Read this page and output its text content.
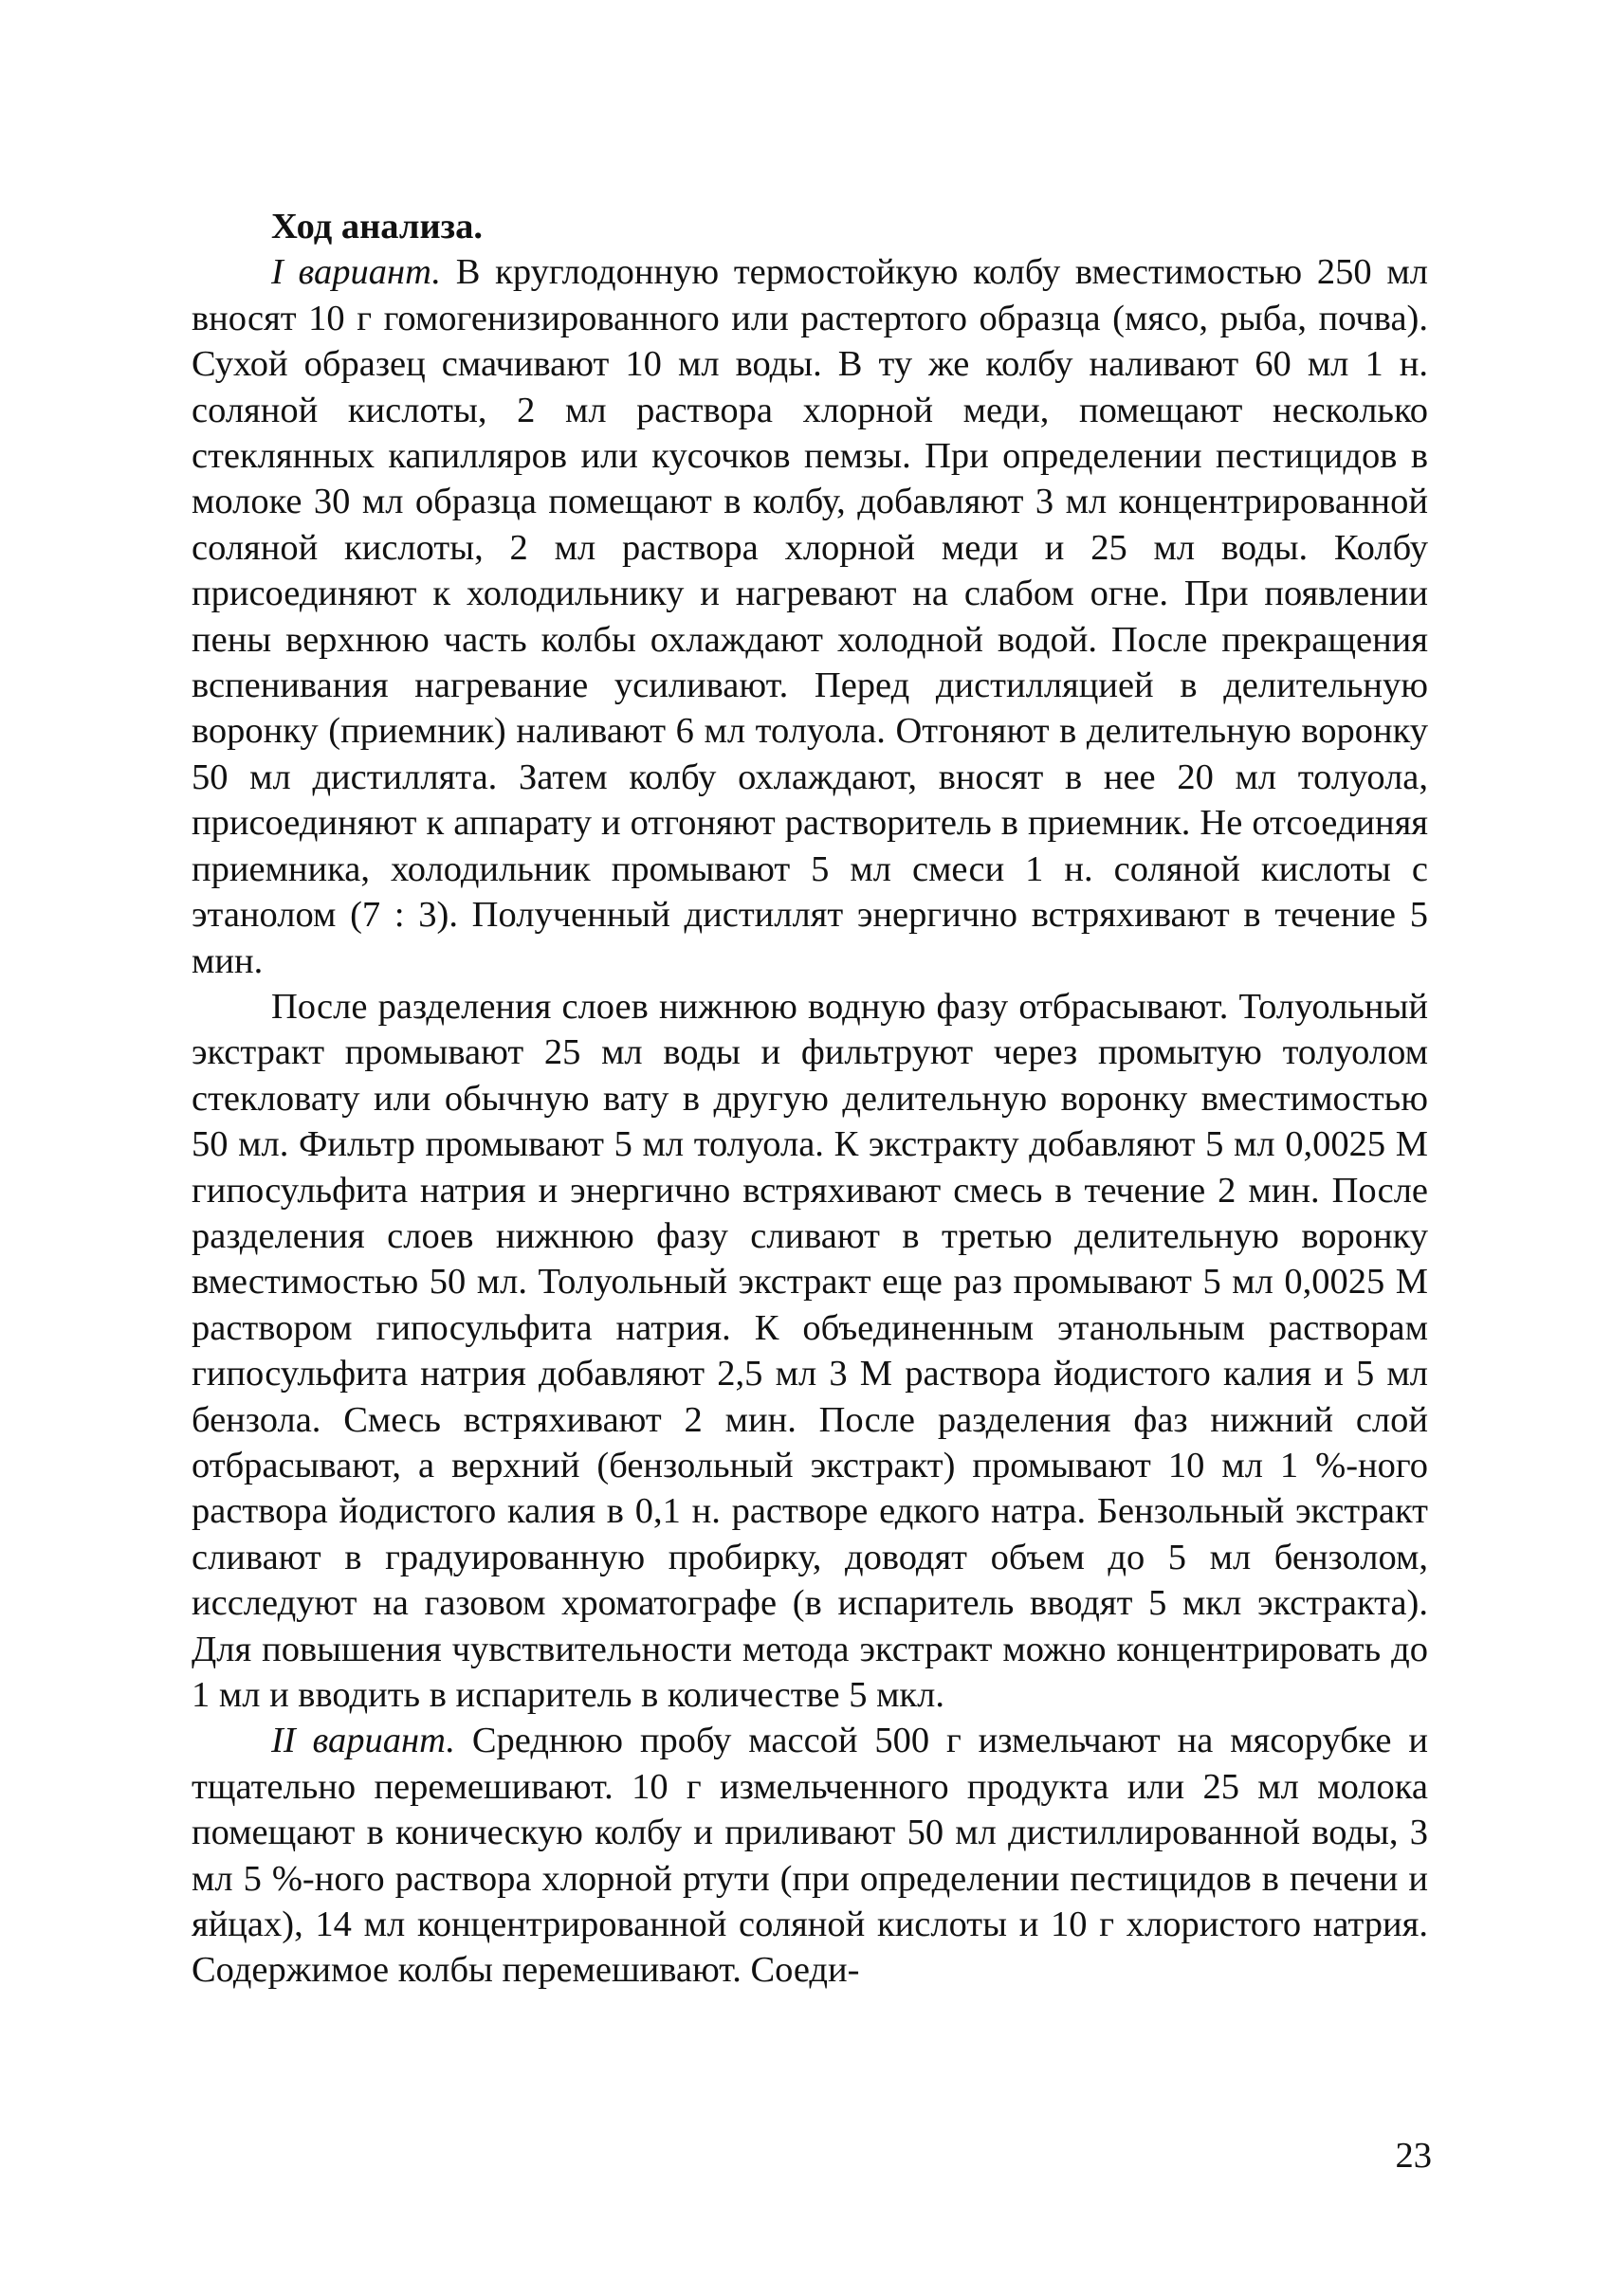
Ход анализа.

I вариант. В круглодонную термостойкую колбу вместимостью 250 мл вносят 10 г гомогенизированного или растертого образца (мясо, рыба, почва). Сухой образец смачивают 10 мл воды. В ту же колбу наливают 60 мл 1 н. соляной кислоты, 2 мл раствора хлорной меди, помещают несколько стеклянных капилляров или кусочков пемзы. При определении пестицидов в молоке 30 мл образца помещают в колбу, добавляют 3 мл концентрированной соляной кислоты, 2 мл раствора хлорной меди и 25 мл воды. Колбу присоединяют к холодильнику и нагревают на слабом огне. При появлении пены верхнюю часть колбы охлаждают холодной водой. После прекращения вспенивания нагревание усиливают. Перед дистилляцией в делительную воронку (приемник) наливают 6 мл толуола. Отгоняют в делительную воронку 50 мл дистиллята. Затем колбу охлаждают, вносят в нее 20 мл толуола, присоединяют к аппарату и отгоняют растворитель в приемник. Не отсоединяя приемника, холодильник промывают 5 мл смеси 1 н. соляной кислоты с этанолом (7 : 3). Полученный дистиллят энергично встряхивают в течение 5 мин.

После разделения слоев нижнюю водную фазу отбрасывают. Толуольный экстракт промывают 25 мл воды и фильтруют через промытую толуолом стекловату или обычную вату в другую делительную воронку вместимостью 50 мл. Фильтр промывают 5 мл толуола. К экстракту добавляют 5 мл 0,0025 М гипосульфита натрия и энергично встряхивают смесь в течение 2 мин. После разделения слоев нижнюю фазу сливают в третью делительную воронку вместимостью 50 мл. Толуольный экстракт еще раз промывают 5 мл 0,0025 М раствором гипосульфита натрия. К объединенным этанольным растворам гипосульфита натрия добавляют 2,5 мл 3 М раствора йодистого калия и 5 мл бензола. Смесь встряхивают 2 мин. После разделения фаз нижний слой отбрасывают, а верхний (бензольный экстракт) промывают 10 мл 1 %-ного раствора йодистого калия в 0,1 н. растворе едкого натра. Бензольный экстракт сливают в градуированную пробирку, доводят объем до 5 мл бензолом, исследуют на газовом хроматографе (в испаритель вводят 5 мкл экстракта). Для повышения чувствительности метода экстракт можно концентрировать до 1 мл и вводить в испаритель в количестве 5 мкл.

II вариант. Среднюю пробу массой 500 г измельчают на мясорубке и тщательно перемешивают. 10 г измельченного продукта или 25 мл молока помещают в коническую колбу и приливают 50 мл дистиллированной воды, 3 мл 5 %-ного раствора хлорной ртути (при определении пестицидов в печени и яйцах), 14 мл концентрированной соляной кислоты и 10 г хлористого натрия. Содержимое колбы перемешивают. Соеди-

23
